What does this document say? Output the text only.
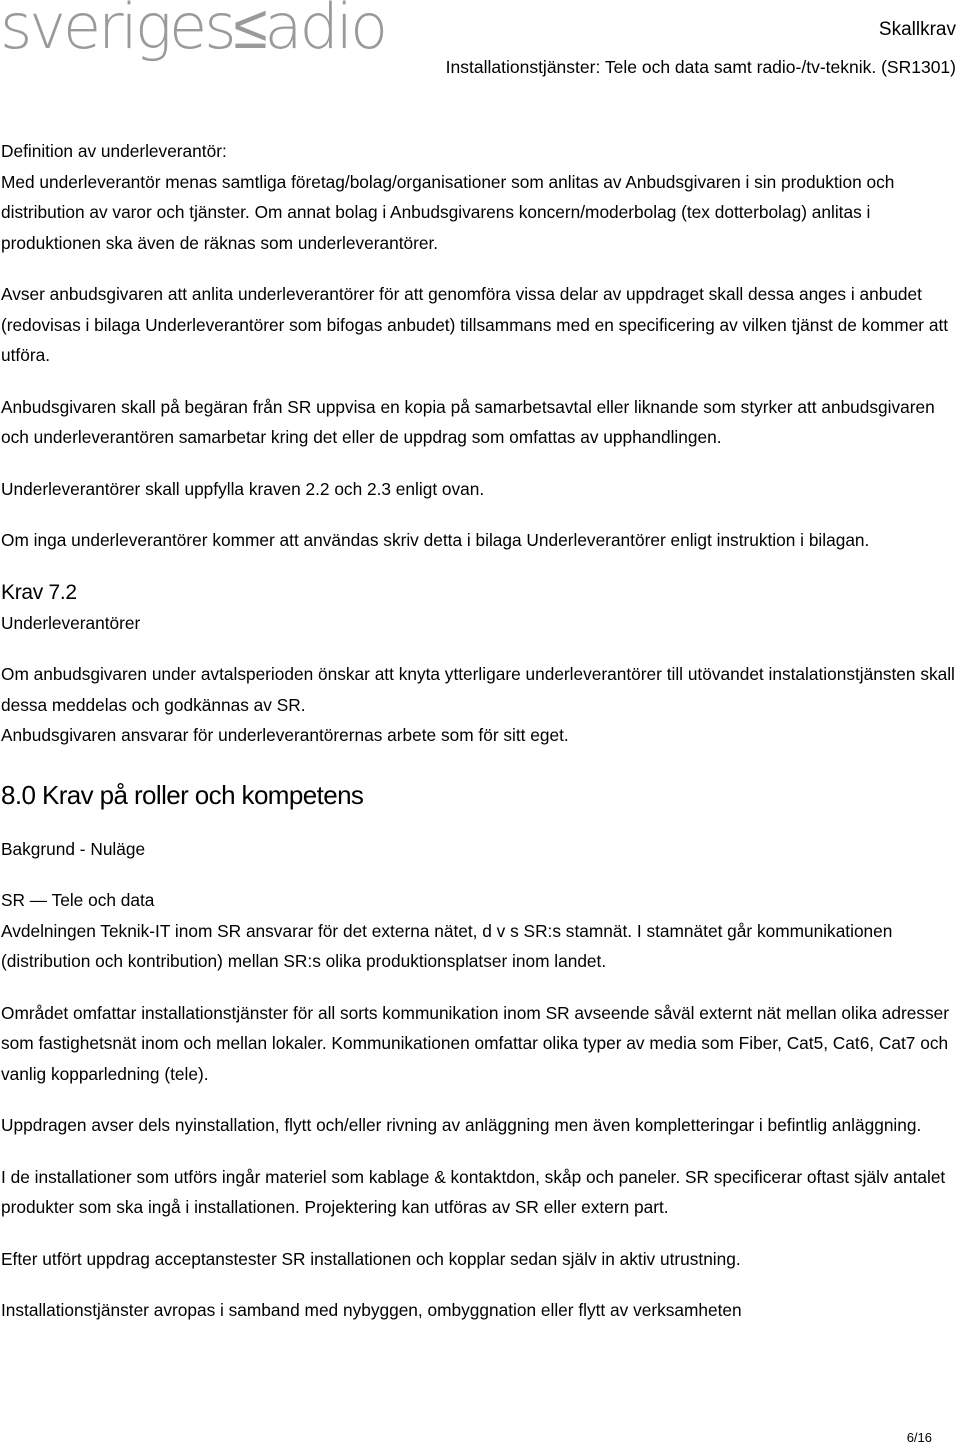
sveriges≤adio	Skallkrav
Installationstjänster: Tele och data samt radio-/tv-teknik. (SR1301)

Definition av underleverantör:

Med underleverantör menas samtliga företag/bolag/organisationer som anlitas av Anbudsgivaren i sin produktion och distribution av varor och tjänster. Om annat bolag i Anbudsgivarens koncern/moderbolag (tex dotterbolag) anlitas i produktionen ska även de räknas som underleverantörer.

Avser anbudsgivaren att anlita underleverantörer för att genomföra vissa delar av uppdraget skall dessa anges i anbudet (redovisas i bilaga Underleverantörer som bifogas anbudet) tillsammans med en specificering av vilken tjänst de kommer att utföra.

Anbudsgivaren skall på begäran från SR uppvisa en kopia på samarbetsavtal eller liknande som styrker att anbudsgivaren och underleverantören samarbetar kring det eller de uppdrag som omfattas av upphandlingen.

Underleverantörer skall uppfylla kraven 2.2 och 2.3 enligt ovan.

Om inga underleverantörer kommer att användas skriv detta i bilaga Underleverantörer enligt instruktion i bilagan.

Krav 7.2

Underleverantörer

Om anbudsgivaren under avtalsperioden önskar att knyta ytterligare underleverantörer till utövandet instalationstjänsten skall dessa meddelas och godkännas av SR.

Anbudsgivaren ansvarar för underleverantörernas arbete som för sitt eget.

8.0 Krav på roller och kompetens

Bakgrund - Nuläge

SR — Tele och data

Avdelningen Teknik-IT inom SR ansvarar för det externa nätet, d v s SR:s stamnät. I stamnätet går kommunikationen (distribution och kontribution) mellan SR:s olika produktionsplatser inom landet.

Området omfattar installationstjänster för all sorts kommunikation inom SR avseende såväl externt nät mellan olika adresser som fastighetsnät inom och mellan lokaler. Kommunikationen omfattar olika typer av media som Fiber, Cat5, Cat6, Cat7 och vanlig kopparledning (tele).

Uppdragen avser dels nyinstallation, flytt och/eller rivning av anläggning men även kompletteringar i befintlig anläggning.

I de installationer som utförs ingår materiel som kablage & kontaktdon, skåp och paneler. SR specificerar oftast själv antalet produkter som ska ingå i installationen. Projektering kan utföras av SR eller extern part.

Efter utfört uppdrag acceptanstester SR installationen och kopplar sedan själv in aktiv utrustning.

Installationstjänster avropas i samband med nybyggen, ombyggnation eller flytt av verksamheten

6/16
